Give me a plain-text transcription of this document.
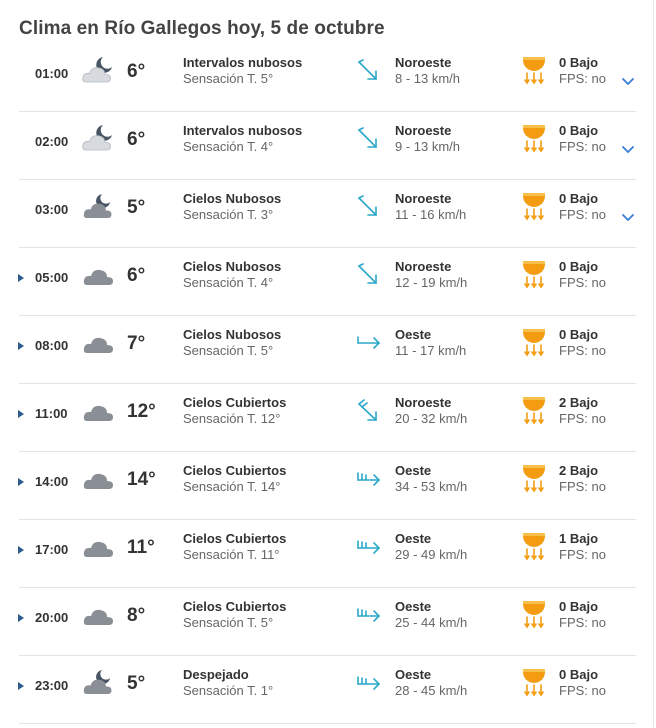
Clima en Río Gallegos hoy, 5 de octubre
01:00	6°	Intervalos nubosos
Sensación T. 5°
Noroeste
8 - 13 km/h
0 Bajo
FPS: no
02:00	6°	Intervalos nubosos
Sensación T. 4°
Noroeste
9 - 13 km/h
0 Bajo
FPS: no
03:00	5°	Cielos Nubosos
Sensación T. 3°
Noroeste
11 - 16 km/h
0 Bajo
FPS: no
05:00	6°	Cielos Nubosos
Sensación T. 4°
Noroeste
12 - 19 km/h
0 Bajo
FPS: no
08:00	7°	Cielos Nubosos
Sensación T. 5°
Oeste
11 - 17 km/h
0 Bajo
FPS: no
11:00	12° Cielos Cubiertos
Sensación T. 12°
Noroeste
20 - 32 km/h
2 Bajo
FPS: no
14:00	14° Cielos Cubiertos
Sensación T. 14°
Oeste
34 - 53 km/h
2 Bajo
FPS: no
17:00	11° Cielos Cubiertos
Sensación T. 11°
Oeste
29 - 49 km/h
1 Bajo
FPS: no
20:00	8°	Cielos Cubiertos
Sensación T. 5°
Oeste
25 - 44 km/h
0 Bajo
FPS: no
23:00	5°	Despejado
Sensación T. 1°
Oeste
28 - 45 km/h
0 Bajo
FPS: no
